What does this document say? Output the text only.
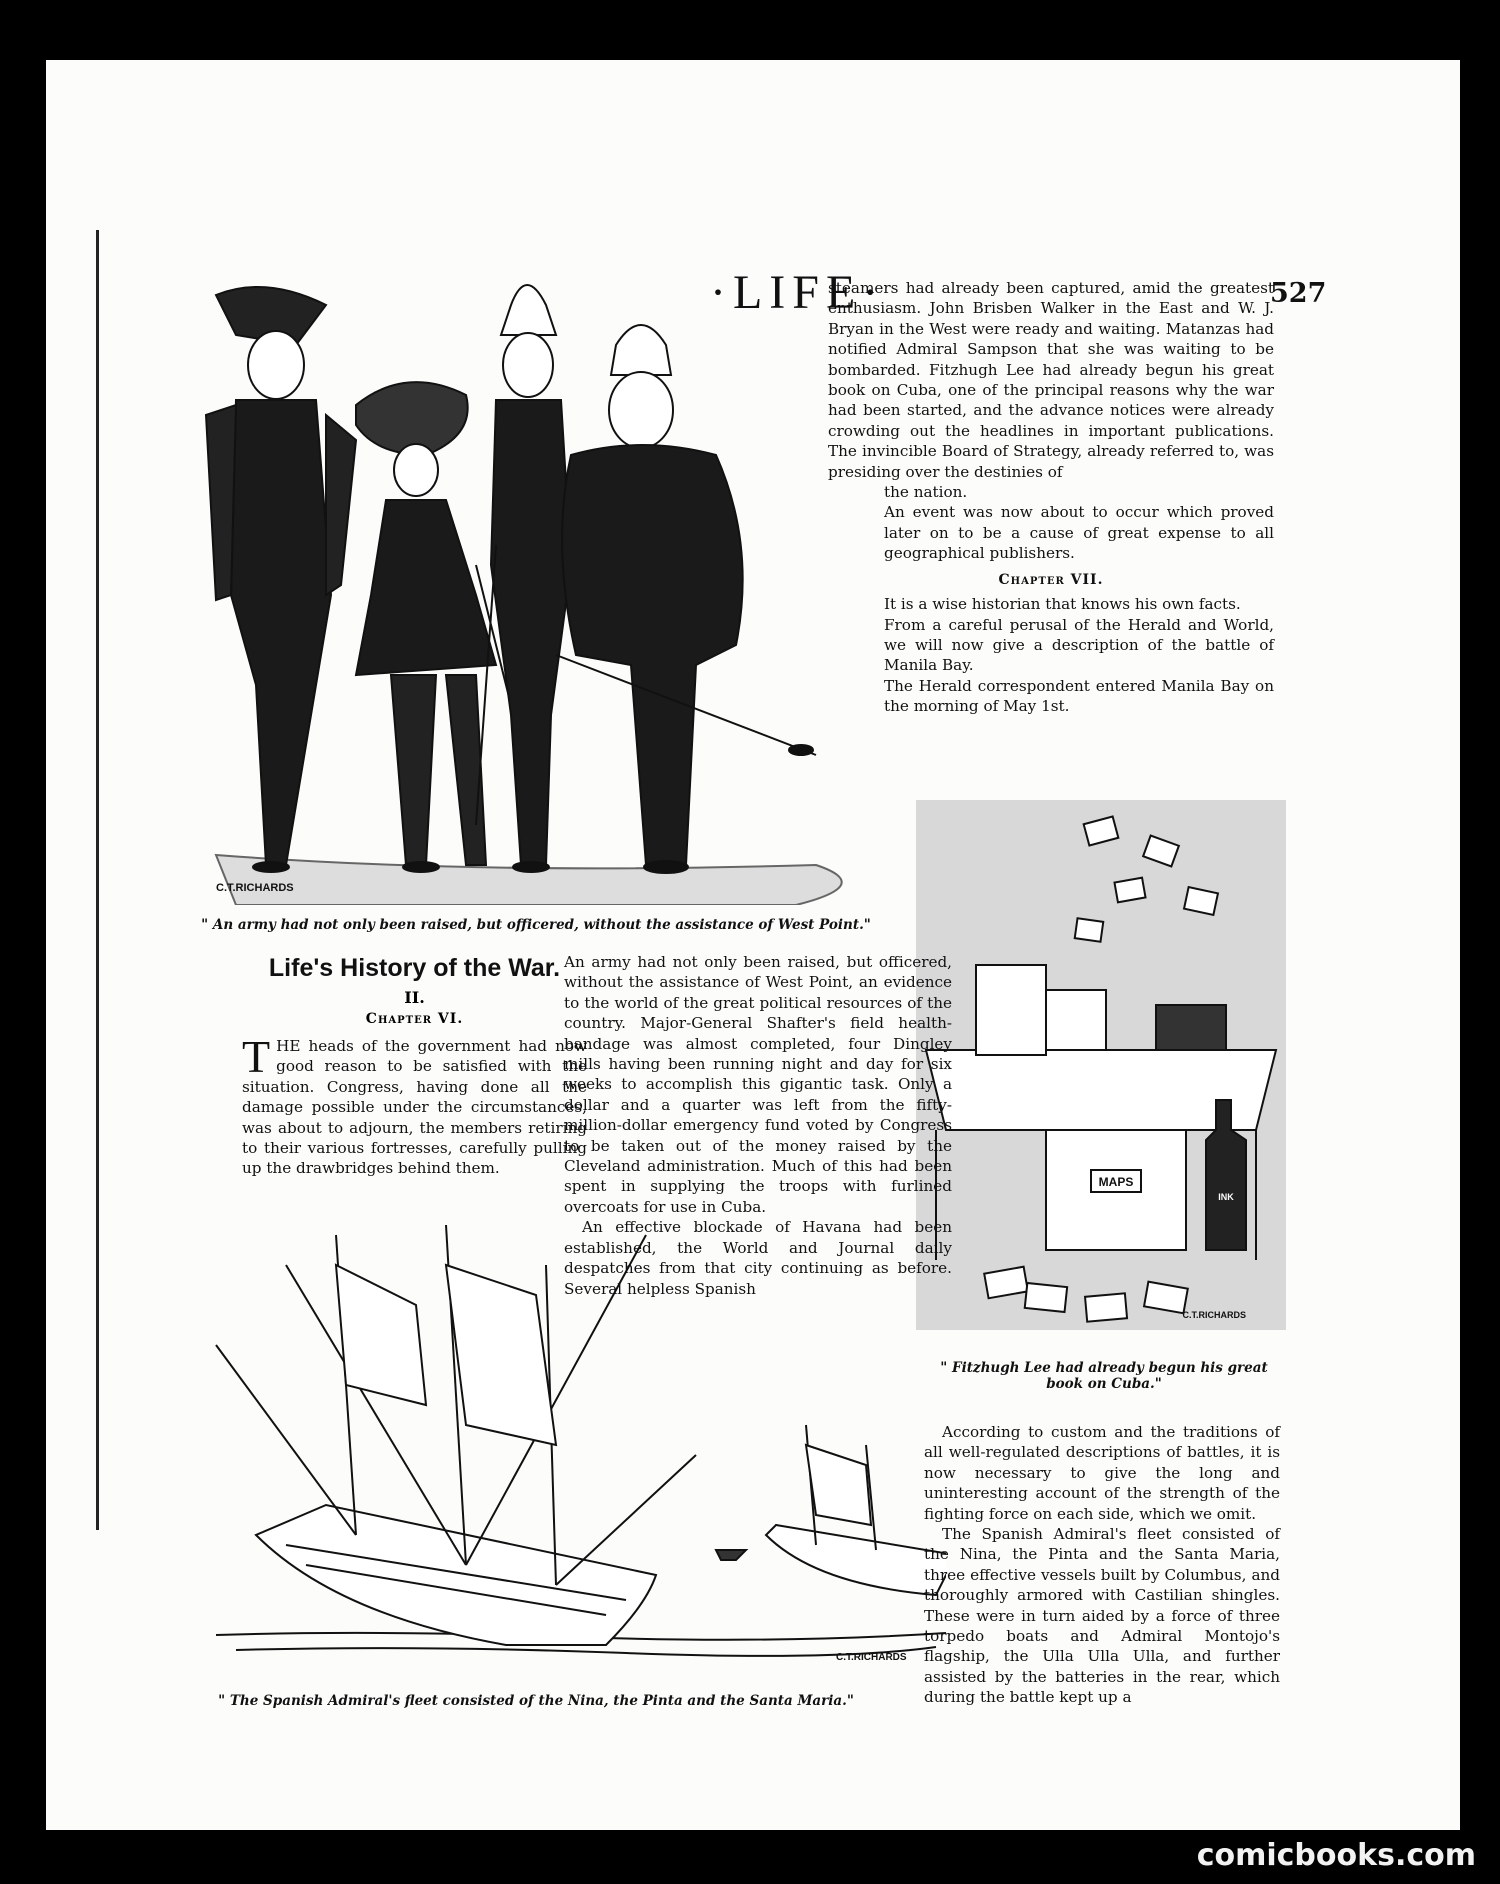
·LIFE·	527
C.T.RICHARDS
" An army had not only been raised, but officered, without the assistance of West Point."

steamers had already been captured, amid the greatest enthusiasm. John Brisben Walker in the East and W. J. Bryan in the West were ready and waiting. Matanzas had notified Admiral Sampson that she was waiting to be bombarded. Fitzhugh Lee had already begun his great book on Cuba, one of the principal reasons why the war had been started, and the advance notices were already crowding out the headlines in important publications. The invincible Board of Strategy, already referred to, was presiding over the destinies of

the nation.

An event was now about to occur which proved later on to be a cause of great expense to all geographical publishers.

Chapter VII.

It is a wise historian that knows his own facts.

From a careful perusal of the Herald and World, we will now give a description of the battle of Manila Bay.

The Herald correspondent entered Manila Bay on the morning of May 1st.

MAPS
INK
C.T.RICHARDS
" Fitzhugh Lee had already begun his great book on Cuba."
Life's History of the War.
II.
Chapter VI.

THE heads of the government had now good reason to be satisfied with the situation. Congress, having done all the damage possible under the circumstances, was about to adjourn, the members retiring to their various fortresses, carefully pulling up the drawbridges behind them.

An army had not only been raised, but officered, without the assistance of West Point, an evidence to the world of the great political resources of the country. Major-General Shafter's field health-bandage was almost completed, four Dingley mills having been running night and day for six weeks to accomplish this gigantic task. Only a dollar and a quarter was left from the fifty-million-dollar emergency fund voted by Congress to be taken out of the money raised by the Cleveland administration. Much of this had been spent in supplying the troops with furlined overcoats for use in Cuba.

An effective blockade of Havana had been established, the World and Journal daily despatches from that city continuing as before. Several helpless Spanish

C.T.RICHARDS
" The Spanish Admiral's fleet consisted of the Nina, the Pinta and the Santa Maria."

According to custom and the traditions of all well-regulated descriptions of battles, it is now necessary to give the long and uninteresting account of the strength of the fighting force on each side, which we omit.

The Spanish Admiral's fleet consisted of the Nina, the Pinta and the Santa Maria, three effective vessels built by Columbus, and thoroughly armored with Castilian shingles. These were in turn aided by a force of three torpedo boats and Admiral Montojo's flagship, the Ulla Ulla Ulla, and further assisted by the batteries in the rear, which during the battle kept up a

comicbooks.com
